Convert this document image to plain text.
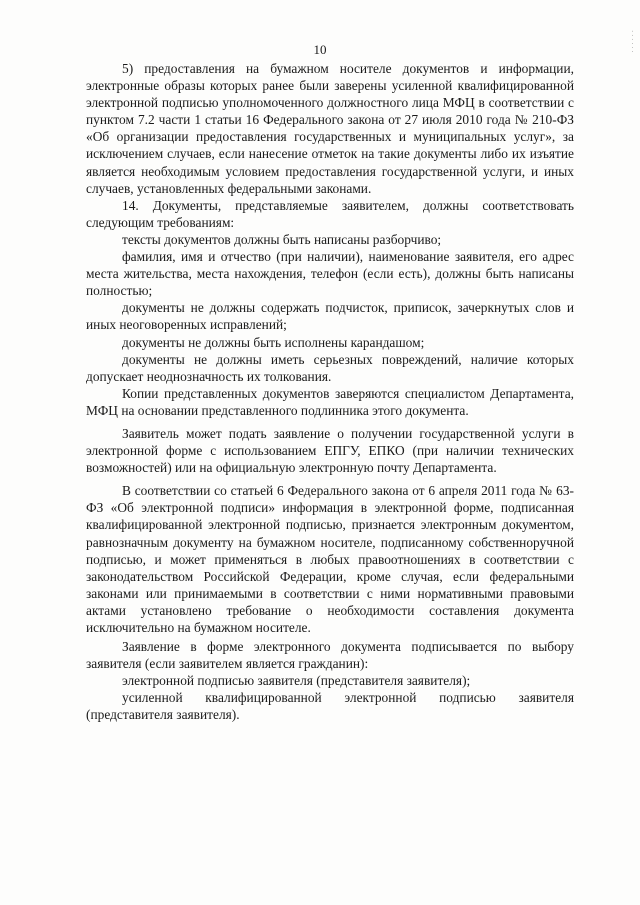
10	· · · · · ·

5) предоставления на бумажном носителе документов и информации, электронные образы которых ранее были заверены усиленной квалифицированной электронной подписью уполномоченного должностного лица МФЦ в соответствии с пунктом 7.2 части 1 статьи 16 Федерального закона от 27 июля 2010 года № 210-ФЗ «Об организации предоставления государственных и муниципальных услуг», за исключением случаев, если нанесение отметок на такие документы либо их изъятие является необходимым условием предоставления государственной услуги, и иных случаев, установленных федеральными законами.

14. Документы, представляемые заявителем, должны соответствовать следующим требованиям:

тексты документов должны быть написаны разборчиво;

фамилия, имя и отчество (при наличии), наименование заявителя, его адрес места жительства, места нахождения, телефон (если есть), должны быть написаны полностью;

документы не должны содержать подчисток, приписок, зачеркнутых слов и иных неоговоренных исправлений;

документы не должны быть исполнены карандашом;

документы не должны иметь серьезных повреждений, наличие которых допускает неоднозначность их толкования.

Копии представленных документов заверяются специалистом Департамента, МФЦ на основании представленного подлинника этого документа.

Заявитель может подать заявление о получении государственной услуги в электронной форме с использованием ЕПГУ, ЕПКО (при наличии технических возможностей) или на официальную электронную почту Департамента.

В соответствии со статьей 6 Федерального закона от 6 апреля 2011 года № 63-ФЗ «Об электронной подписи» информация в электронной форме, подписанная квалифицированной электронной подписью, признается электронным документом, равнозначным документу на бумажном носителе, подписанному собственноручной подписью, и может применяться в любых правоотношениях в соответствии с законодательством Российской Федерации, кроме случая, если федеральными законами или принимаемыми в соответствии с ними нормативными правовыми актами установлено требование о необходимости составления документа исключительно на бумажном носителе.

Заявление в форме электронного документа подписывается по выбору заявителя (если заявителем является гражданин):

электронной подписью заявителя (представителя заявителя);

усиленной квалифицированной электронной подписью заявителя (представителя заявителя).
